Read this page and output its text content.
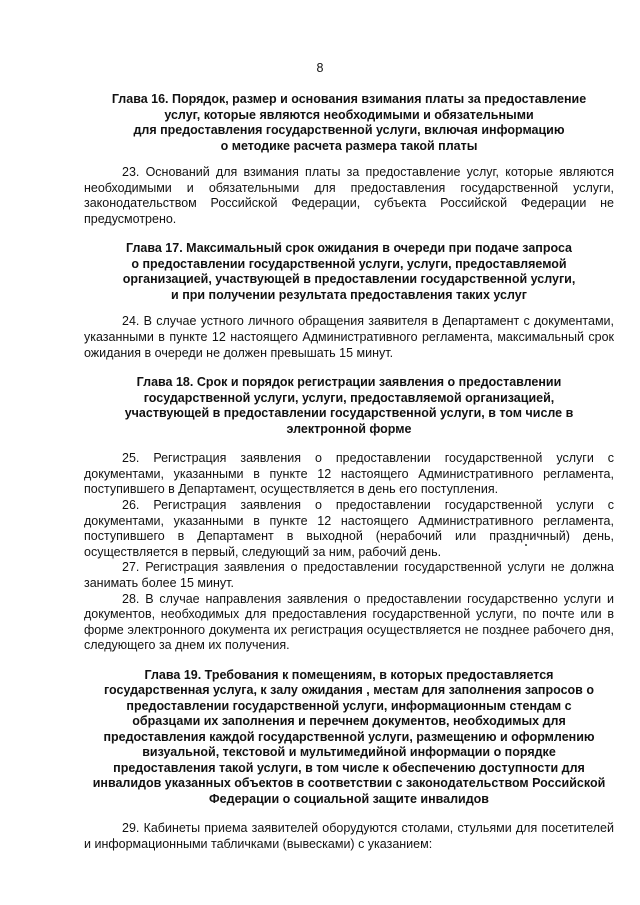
8
Глава 16. Порядок, размер и основания взимания платы за предоставление
услуг, которые являются необходимыми и обязательными
для предоставления государственной услуги, включая информацию
о методике расчета размера такой платы

23. Оснований для взимания платы за предоставление услуг, которые являются необходимыми и обязательными для предоставления государственной услуги, законодательством Российской Федерации, субъекта Российской Федерации не предусмотрено.

Глава 17. Максимальный срок ожидания в очереди при подаче запроса
о предоставлении государственной услуги, услуги, предоставляемой
организацией, участвующей в предоставлении государственной услуги,
и при получении результата предоставления таких услуг

24. В случае устного личного обращения заявителя в Департамент с документами, указанными в пункте 12 настоящего Административного регламента, максимальный срок ожидания в очереди не должен превышать 15 минут.

Глава 18. Срок и порядок регистрации заявления о предоставлении
государственной услуги, услуги, предоставляемой организацией,
участвующей в предоставлении государственной услуги, в том числе в
электронной форме

25. Регистрация заявления о предоставлении государственной услуги с документами, указанными в пункте 12 настоящего Административного регламента, поступившего в Департамент, осуществляется в день его поступления.

26. Регистрация заявления о предоставлении государственной услуги с документами, указанными в пункте 12 настоящего Административного регламента, поступившего в Департамент в выходной (нерабочий или праздничный) день, осуществляется в первый, следующий за ним, рабочий день.

27. Регистрация заявления о предоставлении государственной услуги не должна занимать более 15 минут.

28. В случае направления заявления о предоставлении государственно услуги и документов, необходимых для предоставления государственной услуги, по почте или в форме электронного документа их регистрация осуществляется не позднее рабочего дня, следующего за днем их получения.

Глава 19. Требования к помещениям, в которых предоставляется
государственная услуга, к залу ожидания , местам для заполнения запросов о
предоставлении государственной услуги, информационным стендам с
образцами их заполнения и перечнем документов, необходимых для
предоставления каждой государственной услуги, размещению и оформлению
визуальной, текстовой и мультимедийной информации о порядке
предоставления такой услуги, в том числе к обеспечению доступности для
инвалидов указанных объектов в соответствии с законодательством Российской
Федерации о социальной защите инвалидов

29. Кабинеты приема заявителей оборудуются столами, стульями для посетителей и информационными табличками (вывесками) с указанием:
